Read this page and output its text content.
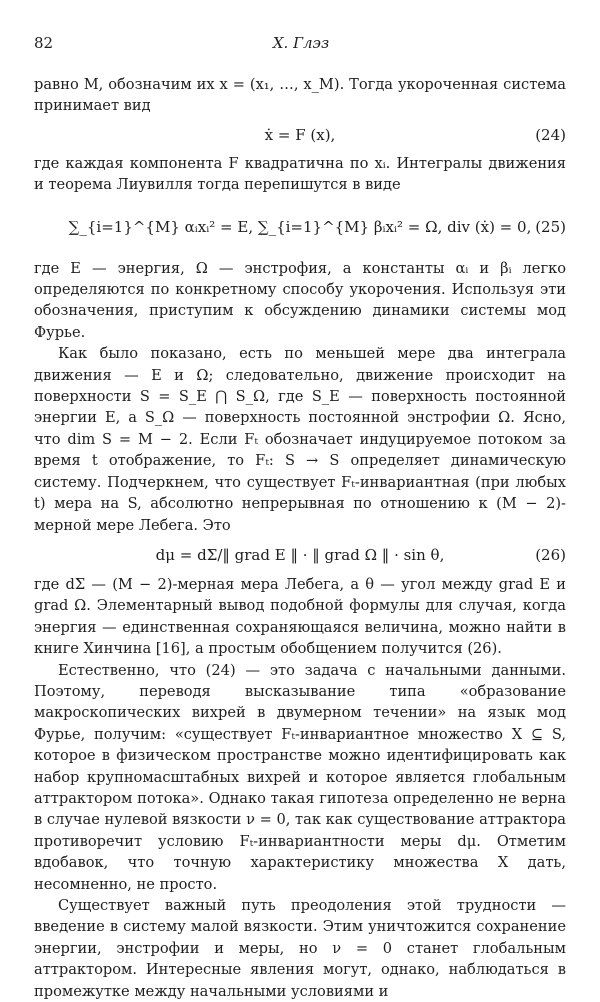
82	Х. Глэз

равно M, обозначим их x = (x₁, …, x_M). Тогда укороченная система принимает вид

ẋ = F (x),	(24)

где каждая компонента F квадратична по xᵢ. Интегралы движения и теорема Лиувилля тогда перепишутся в виде

∑_{i=1}^{M} αᵢxᵢ² = E, ∑_{i=1}^{M} βᵢxᵢ² = Ω, div (ẋ) = 0, (25)

где E — энергия, Ω — энстрофия, а константы αᵢ и βᵢ легко определяются по конкретному способу укорочения. Используя эти обозначения, приступим к обсуждению динамики системы мод Фурье.

Как было показано, есть по меньшей мере два интеграла движения — E и Ω; следовательно, движение происходит на поверхности S = S_E ⋂ S_Ω, где S_E — поверхность постоянной энергии E, а S_Ω — поверхность постоянной энстрофии Ω. Ясно, что dim S = M − 2. Если Fₜ обозначает индуцируемое потоком за время t отображение, то Fₜ: S → S определяет динамическую систему. Подчеркнем, что существует Fₜ-инвариантная (при любых t) мера на S, абсолютно непрерывная по отношению к (M − 2)-мерной мере Лебега. Это

dμ = dΣ/‖ grad E ‖ · ‖ grad Ω ‖ · sin θ,	(26)

где dΣ — (M − 2)-мерная мера Лебега, а θ — угол между grad E и grad Ω. Элементарный вывод подобной формулы для случая, когда энергия — единственная сохраняющаяся величина, можно найти в книге Хинчина [16], а простым обобщением получится (26).

Естественно, что (24) — это задача с начальными данными. Поэтому, переводя высказывание типа «образование макроскопических вихрей в двумерном течении» на язык мод Фурье, получим: «существует Fₜ-инвариантное множество X ⊆ S, которое в физическом пространстве можно идентифицировать как набор крупномасштабных вихрей и которое является глобальным аттрактором потока». Однако такая гипотеза определенно не верна в случае нулевой вязкости ν = 0, так как существование аттрактора противоречит условию Fₜ-инвариантности меры dμ. Отметим вдобавок, что точную характеристику множества X дать, несомненно, не просто.

Существует важный путь преодоления этой трудности — введение в систему малой вязкости. Этим уничтожится сохранение энергии, энстрофии и меры, но ν = 0 станет глобальным аттрактором. Интересные явления могут, однако, наблюдаться в промежутке между начальными условиями и
